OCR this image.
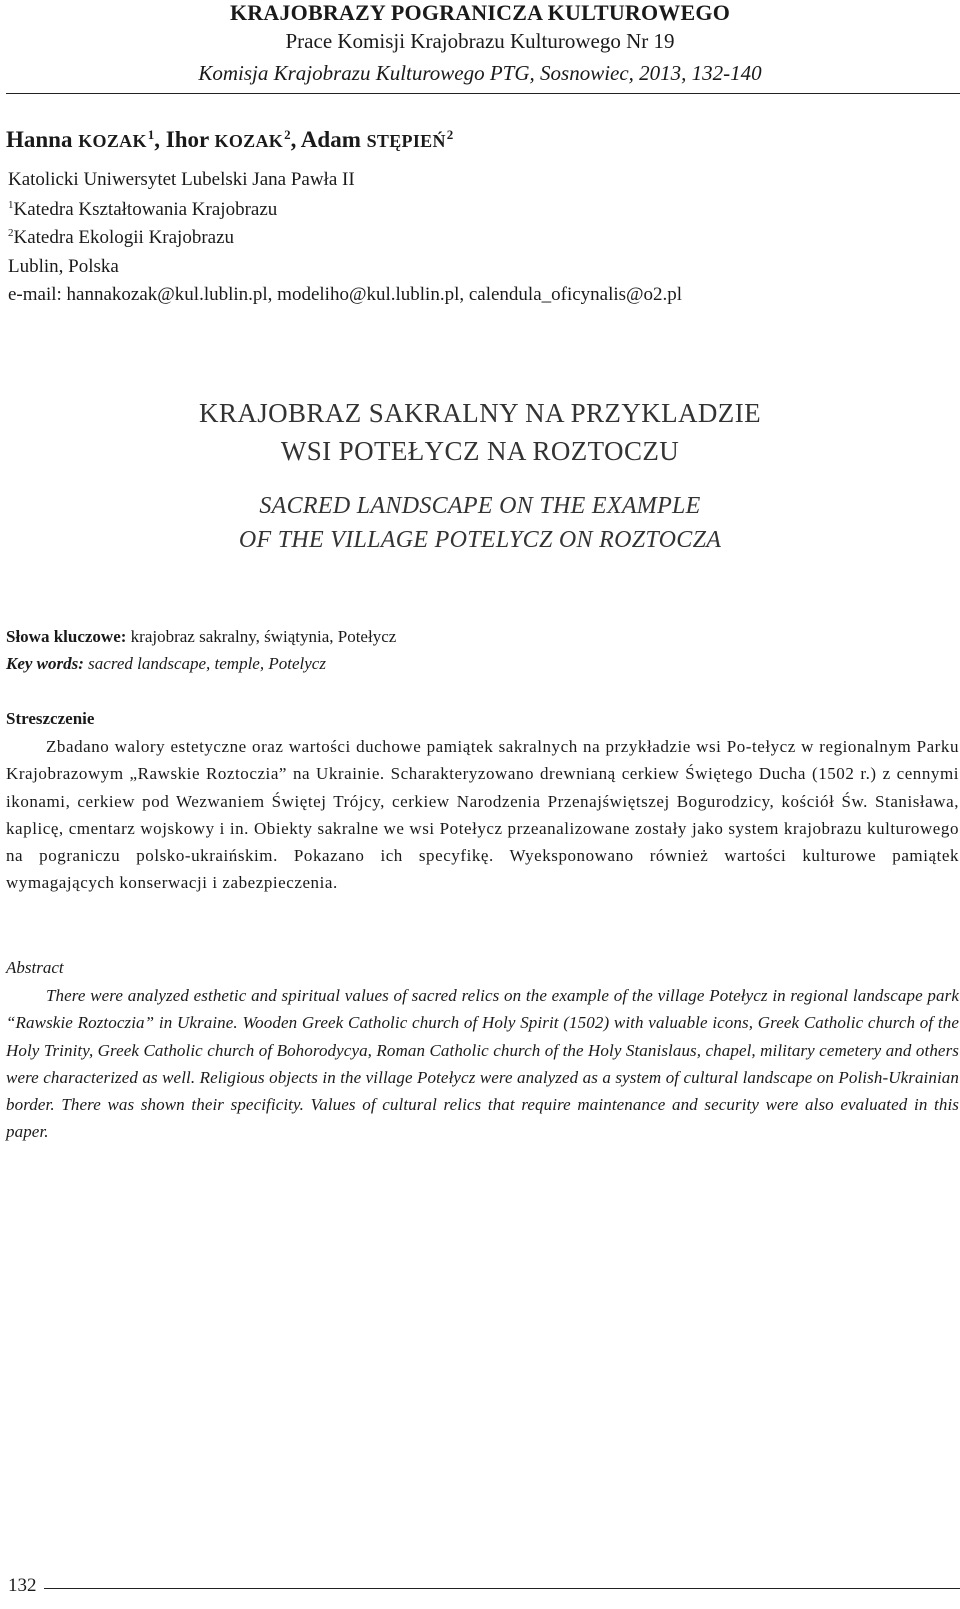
KRAJOBRAZY POGRANICZA KULTUROWEGO
Prace Komisji Krajobrazu Kulturowego Nr 19
Komisja Krajobrazu Kulturowego PTG, Sosnowiec, 2013, 132-140
Hanna KOZAK$^1$, Ihor KOZAK$^2$, Adam STĘPIEŃ$^2$
Katolicki Uniwersytet Lubelski Jana Pawła II
$^1$Katedra Kształtowania Krajobrazu
$^2$Katedra Ekologii Krajobrazu
Lublin, Polska
e-mail: hannakozak@kul.lublin.pl, modeliho@kul.lublin.pl, calendula_oficynalis@o2.pl
KRAJOBRAZ SAKRALNY NA PRZYKLADZIE
WSI POTEŁYCZ NA ROZTOCZU
SACRED LANDSCAPE ON THE EXAMPLE
OF THE VILLAGE POTELYCZ ON ROZTOCZA
Słowa kluczowe: krajobraz sakralny, świątynia, Potełycz
Key words: sacred landscape, temple, Potelycz
Streszczenie

Zbadano walory estetyczne oraz wartości duchowe pamiątek sakralnych na przykładzie wsi Po-tełycz w regionalnym Parku Krajobrazowym „Rawskie Roztoczia” na Ukrainie. Scharakteryzowano drewnianą cerkiew Świętego Ducha (1502 r.) z cennymi ikonami, cerkiew pod Wezwaniem Świętej Trójcy, cerkiew Narodzenia Przenajświętszej Bogurodzicy, kościół Św. Stanisława, kaplicę, cmentarz wojskowy i in. Obiekty sakralne we wsi Potełycz przeanalizowane zostały jako system krajobrazu kulturowego na pograniczu polsko-ukraińskim. Pokazano ich specyfikę. Wyeksponowano również wartości kulturowe pamiątek wymagających konserwacji i zabezpieczenia.

Abstract

There were analyzed esthetic and spiritual values of sacred relics on the example of the village Potełycz in regional landscape park “Rawskie Roztoczia” in Ukraine. Wooden Greek Catholic church of Holy Spirit (1502) with valuable icons, Greek Catholic church of the Holy Trinity, Greek Catholic church of Bohorodycya, Roman Catholic church of the Holy Stanislaus, chapel, military cemetery and others were characterized as well. Religious objects in the village Potełycz were analyzed as a system of cultural landscape on Polish-Ukrainian border. There was shown their specificity. Values of cultural relics that require maintenance and security were also evaluated in this paper.

132
